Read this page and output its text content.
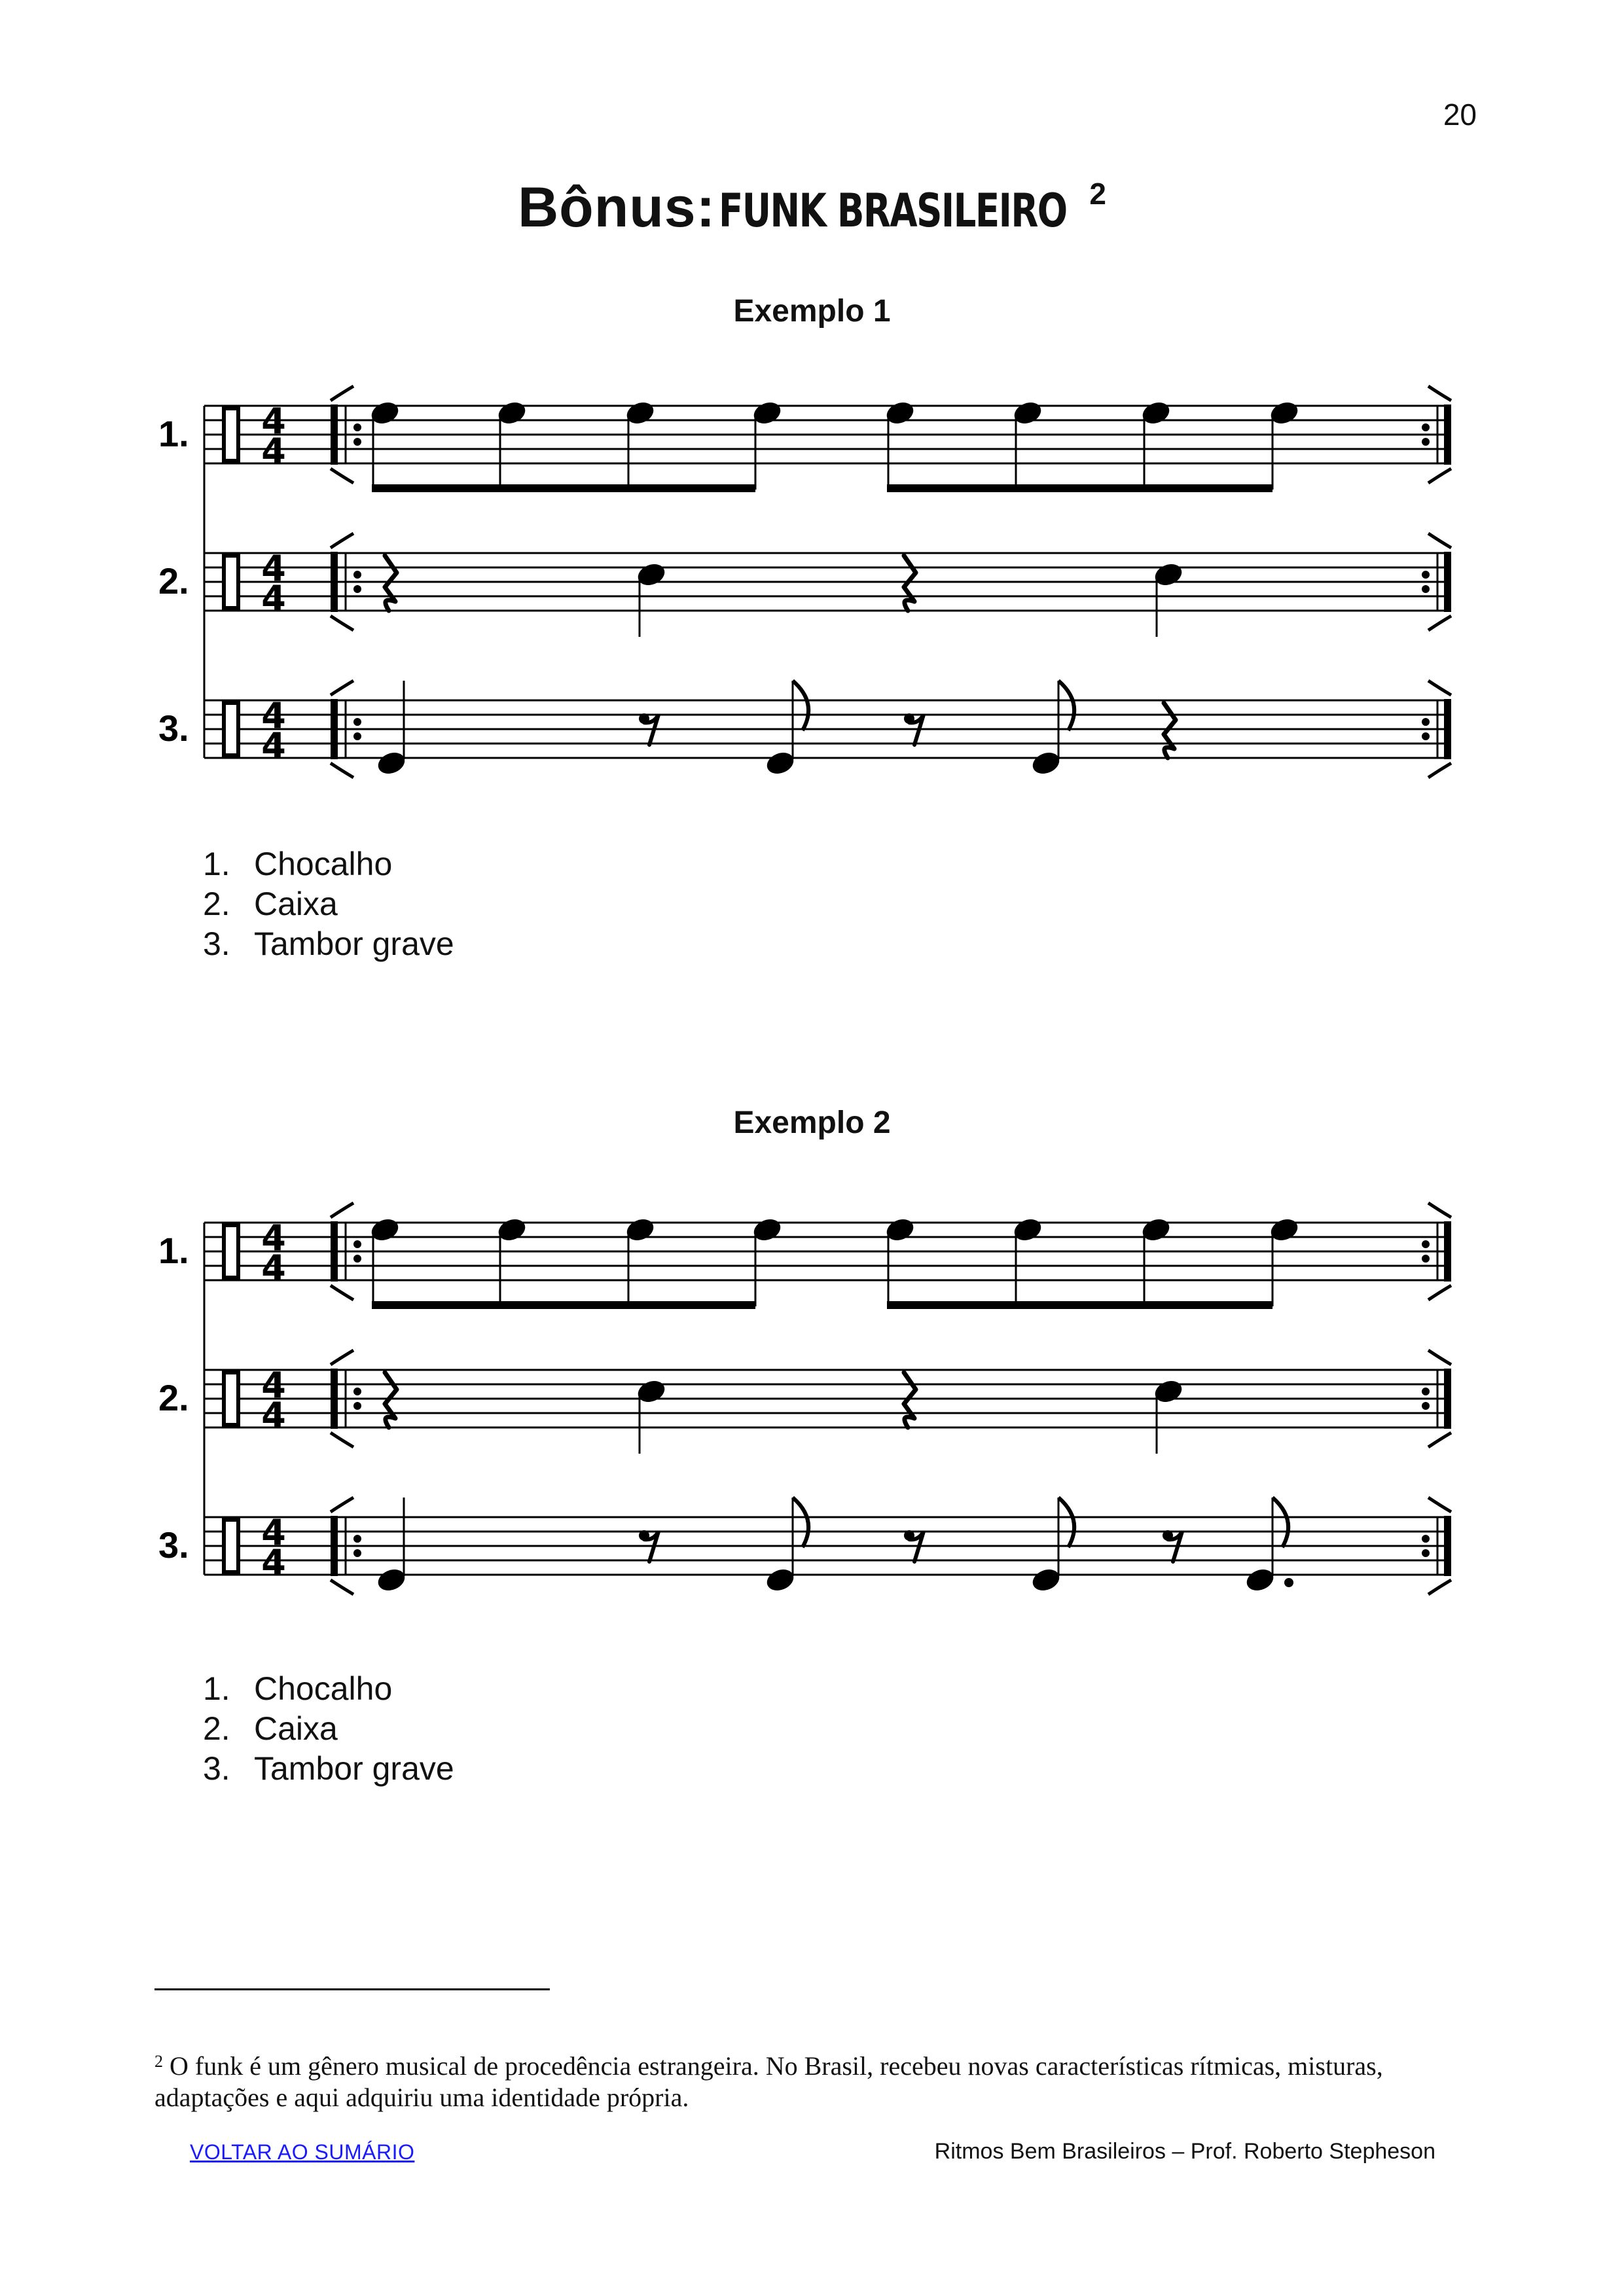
20
Bônus: FUNK BRASILEIRO $^2$
Exemplo 1
1. 4
4
2. 4
4
3. 4
4
1. Chocalho
2. Caixa
3. Tambor grave
Exemplo 2
1. 4
4
2. 4
4
3. 4
4
1. Chocalho
2. Caixa
3. Tambor grave
$^2$ O funk é um gênero musical de procedência estrangeira. No Brasil, recebeu novas características rítmicas, misturas, adaptações e aqui adquiriu uma identidade própria.
VOLTAR AO SUMÁRIO	Ritmos Bem Brasileiros – Prof. Roberto Stepheson
